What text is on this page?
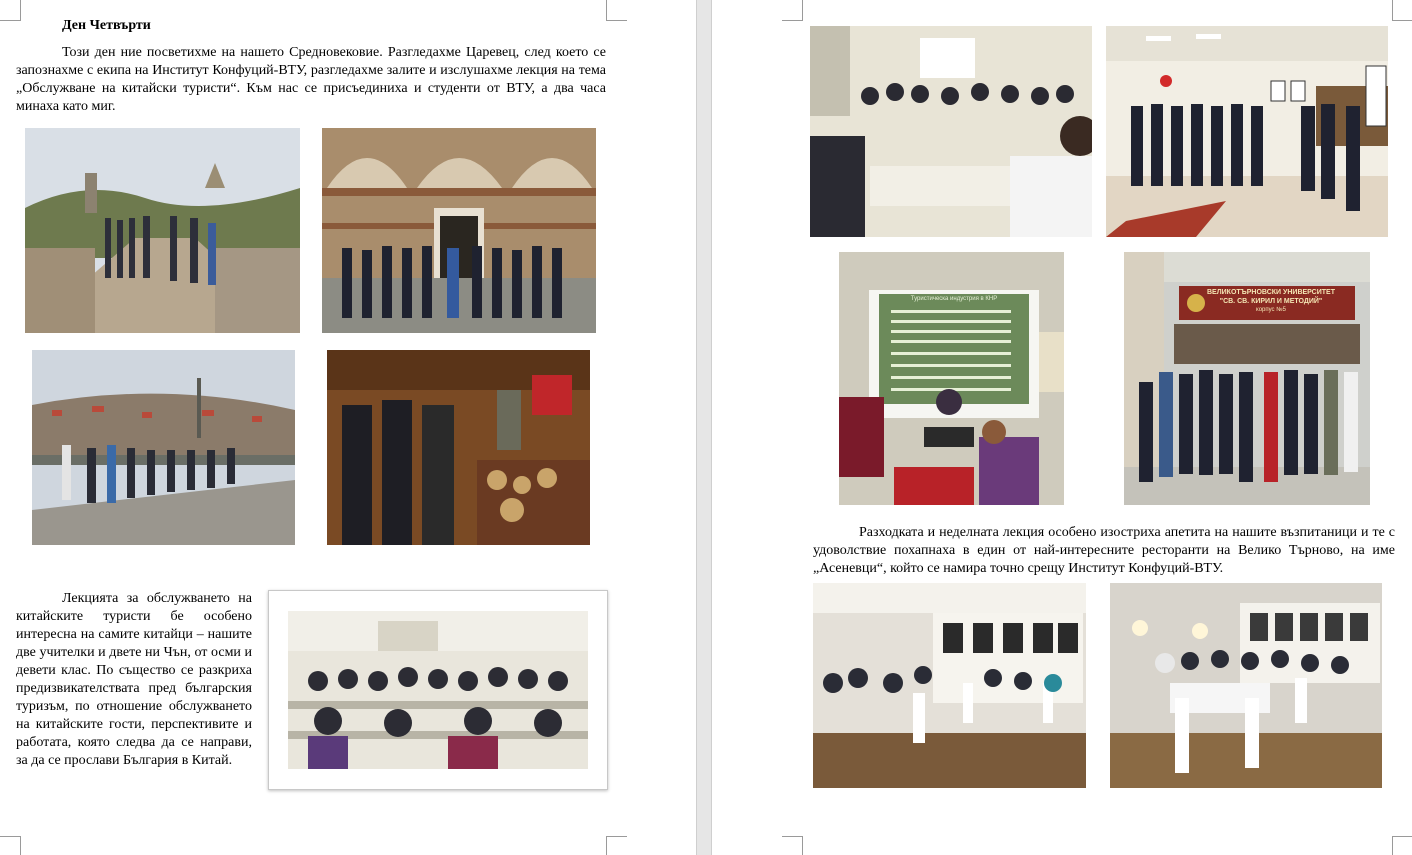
Ден Четвърти

Този ден ние посветихме на нашето Средновековие. Разгледахме Царевец, след което се запознахме с екипа на Институт Конфуций-ВТУ, разгледахме залите и изслушахме лекция на тема „Обслужване на китайски туристи“. Към нас се присъединиха и студенти от ВТУ, а два часа минаха като миг.

Лекцията за обслужването на китайските туристи бе особено интересна на самите китайци – нашите две учителки и двете ни Чън, от осми и девети клас. По същество се разкриха предизвикателствата пред българския туризъм, по отношение обслужването на китайските гости, перспективите и работата, която следва да се направи, за да се прослави България в Китай.

Туристическа индустрия в КНР
ВЕЛИКОТЪРНОВСКИ УНИВЕРСИТЕТ
"СВ. СВ. КИРИЛ И МЕТОДИЙ"
корпус №5

Разходката и неделната лекция особено изостриха апетита на нашите възпитаници и те с удоволствие похапнаха в един от най-интересните ресторанти на Велико Търново, на име „Асеневци“, който се намира точно срещу Институт Конфуций-ВТУ.
